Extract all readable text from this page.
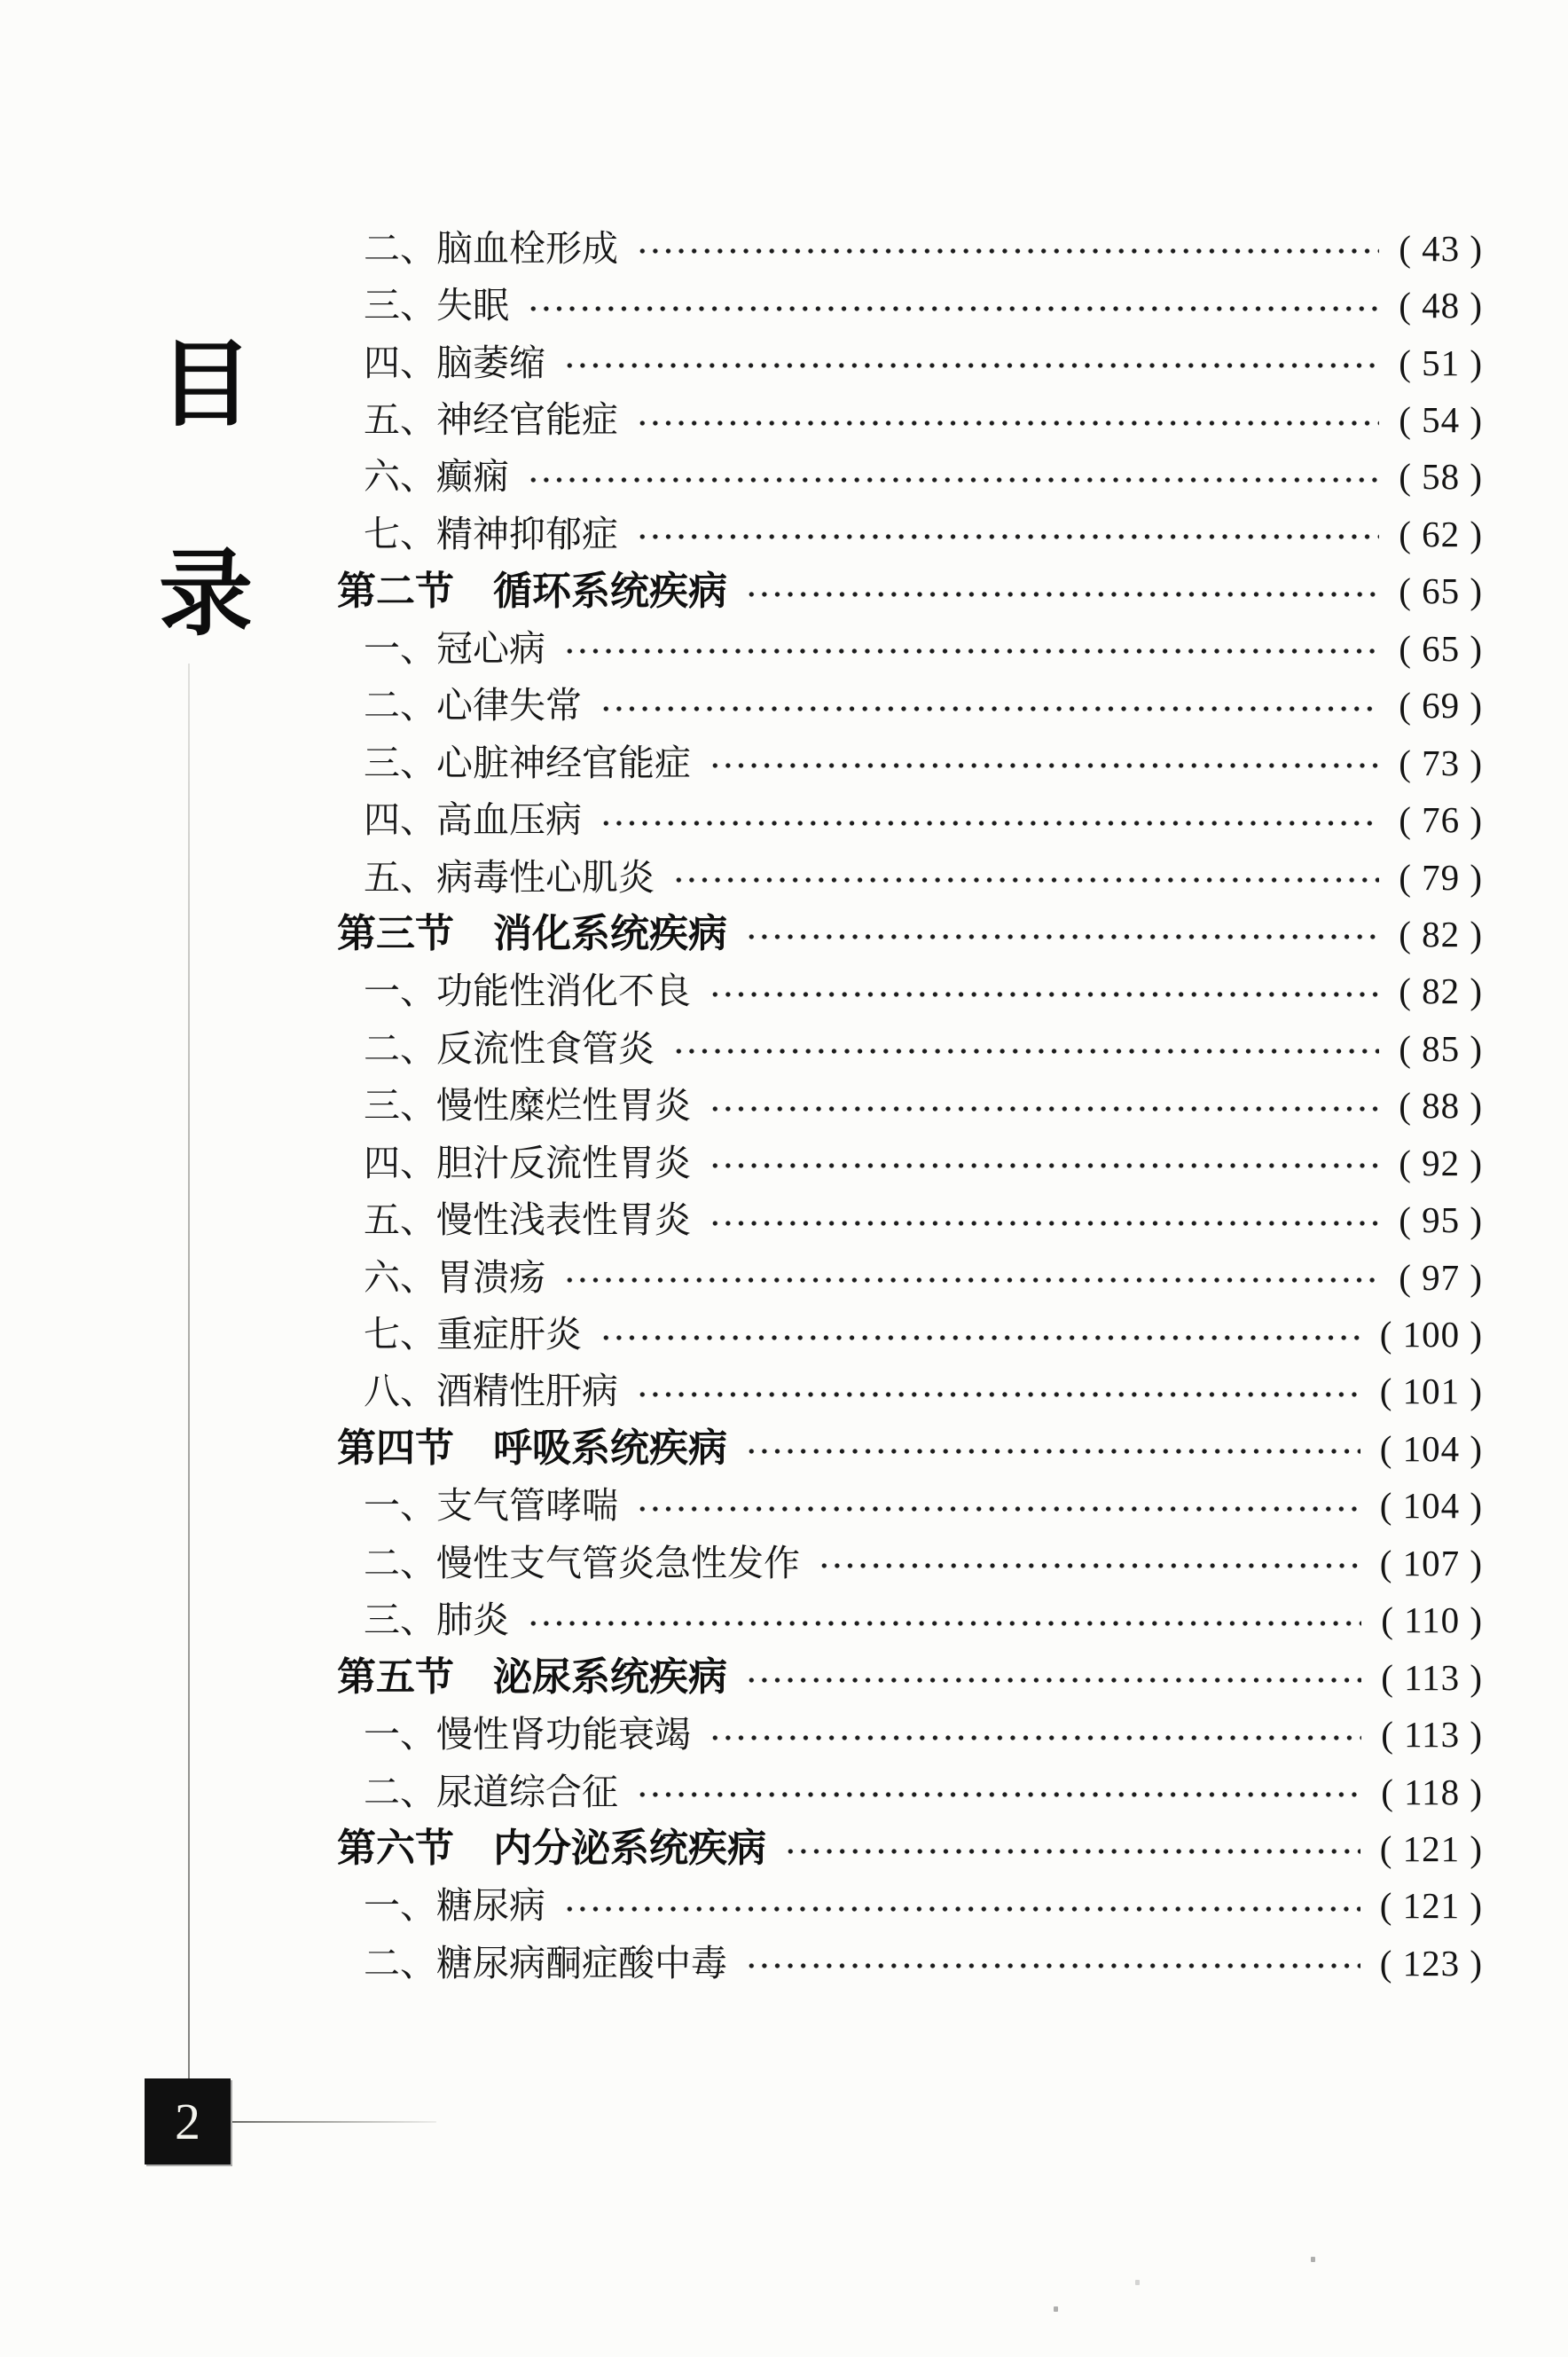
目
录
2
二、脑血栓形成	( 43 )
三、失眠	( 48 )
四、脑萎缩	( 51 )
五、神经官能症	( 54 )
六、癫痫	( 58 )
七、精神抑郁症	( 62 )
第二节　循环系统疾病	( 65 )
一、冠心病	( 65 )
二、心律失常	( 69 )
三、心脏神经官能症	( 73 )
四、高血压病	( 76 )
五、病毒性心肌炎	( 79 )
第三节　消化系统疾病	( 82 )
一、功能性消化不良	( 82 )
二、反流性食管炎	( 85 )
三、慢性糜烂性胃炎	( 88 )
四、胆汁反流性胃炎	( 92 )
五、慢性浅表性胃炎	( 95 )
六、胃溃疡	( 97 )
七、重症肝炎	( 100 )
八、酒精性肝病	( 101 )
第四节　呼吸系统疾病	( 104 )
一、支气管哮喘	( 104 )
二、慢性支气管炎急性发作	( 107 )
三、肺炎	( 110 )
第五节　泌尿系统疾病	( 113 )
一、慢性肾功能衰竭	( 113 )
二、尿道综合征	( 118 )
第六节　内分泌系统疾病	( 121 )
一、糖尿病	( 121 )
二、糖尿病酮症酸中毒	( 123 )
